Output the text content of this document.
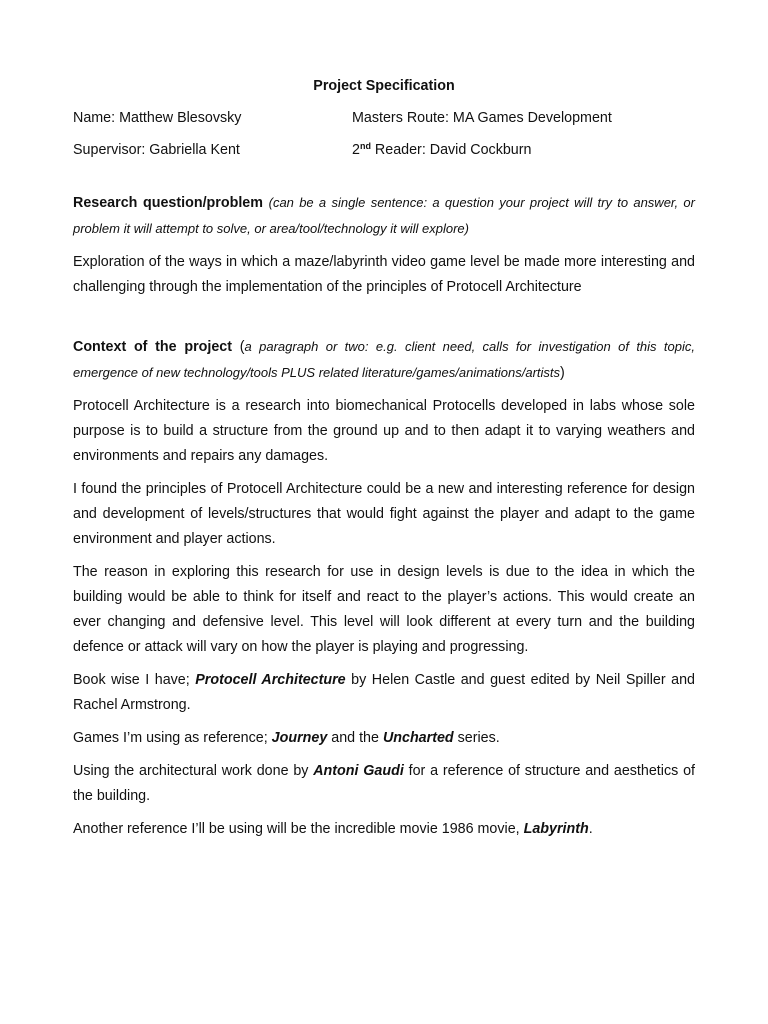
Project Specification
Name: Matthew Blesovsky	Masters Route: MA Games Development
Supervisor: Gabriella Kent	2nd Reader: David Cockburn

Research question/problem (can be a single sentence: a question your project will try to answer, or problem it will attempt to solve, or area/tool/technology it will explore)

Exploration of the ways in which a maze/labyrinth video game level be made more interesting and challenging through the implementation of the principles of Protocell Architecture

Context of the project (a paragraph or two: e.g. client need, calls for investigation of this topic, emergence of new technology/tools PLUS related literature/games/animations/artists)

Protocell Architecture is a research into biomechanical Protocells developed in labs whose sole purpose is to build a structure from the ground up and to then adapt it to varying weathers and environments and repairs any damages.

I found the principles of Protocell Architecture could be a new and interesting reference for design and development of levels/structures that would fight against the player and adapt to the game environment and player actions.

The reason in exploring this research for use in design levels is due to the idea in which the building would be able to think for itself and react to the player’s actions. This would create an ever changing and defensive level. This level will look different at every turn and the building defence or attack will vary on how the player is playing and progressing.

Book wise I have; Protocell Architecture by Helen Castle and guest edited by Neil Spiller and Rachel Armstrong.

Games I’m using as reference; Journey and the Uncharted series.

Using the architectural work done by Antoni Gaudi for a reference of structure and aesthetics of the building.

Another reference I’ll be using will be the incredible movie 1986 movie, Labyrinth.
